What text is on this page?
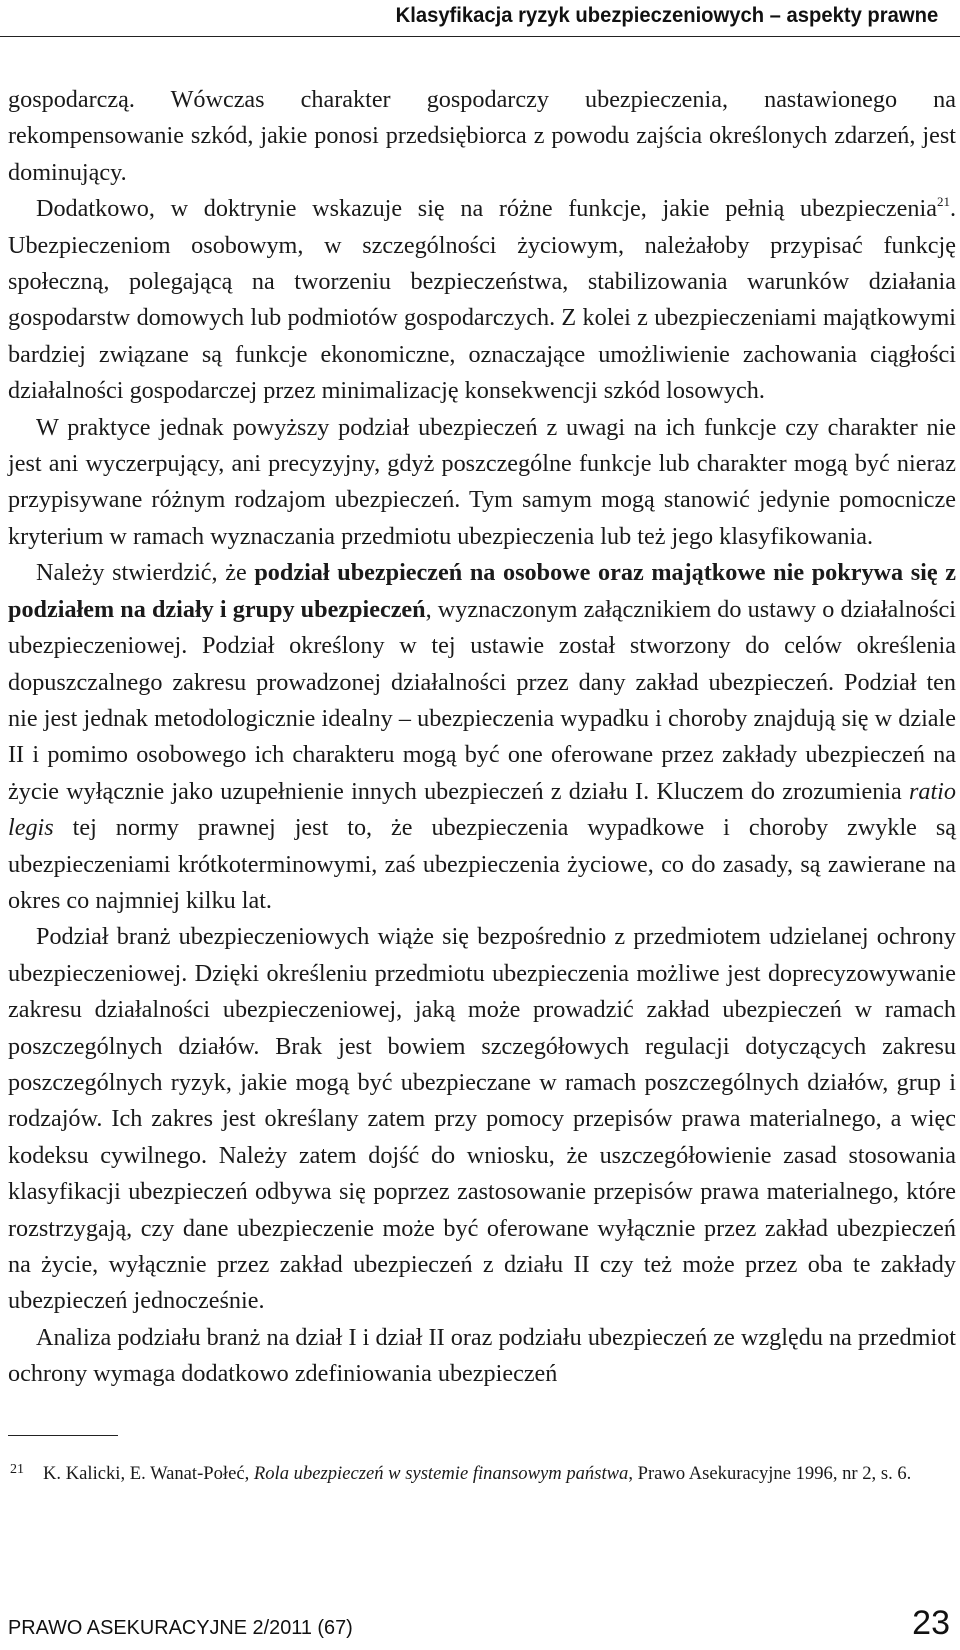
Klasyfikacja ryzyk ubezpieczeniowych – aspekty prawne

gospodarczą. Wówczas charakter gospodarczy ubezpieczenia, nastawionego na rekompensowanie szkód, jakie ponosi przedsiębiorca z powodu zajścia określonych zdarzeń, jest dominujący.

Dodatkowo, w doktrynie wskazuje się na różne funkcje, jakie pełnią ubezpieczenia$^{21}$. Ubezpieczeniom osobowym, w szczególności życiowym, należałoby przypisać funkcję społeczną, polegającą na tworzeniu bezpieczeństwa, stabilizowania warunków działania gospodarstw domowych lub podmiotów gospodarczych. Z kolei z ubezpieczeniami majątkowymi bardziej związane są funkcje ekonomiczne, oznaczające umożliwienie zachowania ciągłości działalności gospodarczej przez minimalizację konsekwencji szkód losowych.

W praktyce jednak powyższy podział ubezpieczeń z uwagi na ich funkcje czy charakter nie jest ani wyczerpujący, ani precyzyjny, gdyż poszczególne funkcje lub charakter mogą być nieraz przypisywane różnym rodzajom ubezpieczeń. Tym samym mogą stanowić jedynie pomocnicze kryterium w ramach wyznaczania przedmiotu ubezpieczenia lub też jego klasyfikowania.

Należy stwierdzić, że podział ubezpieczeń na osobowe oraz majątkowe nie pokrywa się z podziałem na działy i grupy ubezpieczeń, wyznaczonym załącznikiem do ustawy o działalności ubezpieczeniowej. Podział określony w tej ustawie został stworzony do celów określenia dopuszczalnego zakresu prowadzonej działalności przez dany zakład ubezpieczeń. Podział ten nie jest jednak metodologicznie idealny – ubezpieczenia wypadku i choroby znajdują się w dziale II i pomimo osobowego ich charakteru mogą być one oferowane przez zakłady ubezpieczeń na życie wyłącznie jako uzupełnienie innych ubezpieczeń z działu I. Kluczem do zrozumienia ratio legis tej normy prawnej jest to, że ubezpieczenia wypadkowe i choroby zwykle są ubezpieczeniami krótkoterminowymi, zaś ubezpieczenia życiowe, co do zasady, są zawierane na okres co najmniej kilku lat.

Podział branż ubezpieczeniowych wiąże się bezpośrednio z przedmiotem udzielanej ochrony ubezpieczeniowej. Dzięki określeniu przedmiotu ubezpieczenia możliwe jest doprecyzowywanie zakresu działalności ubezpieczeniowej, jaką może prowadzić zakład ubezpieczeń w ramach poszczególnych działów. Brak jest bowiem szczegółowych regulacji dotyczących zakresu poszczególnych ryzyk, jakie mogą być ubezpieczane w ramach poszczególnych działów, grup i rodzajów. Ich zakres jest określany zatem przy pomocy przepisów prawa materialnego, a więc kodeksu cywilnego. Należy zatem dojść do wniosku, że uszczegółowienie zasad stosowania klasyfikacji ubezpieczeń odbywa się poprzez zastosowanie przepisów prawa materialnego, które rozstrzygają, czy dane ubezpieczenie może być oferowane wyłącznie przez zakład ubezpieczeń na życie, wyłącznie przez zakład ubezpieczeń z działu II czy też może przez oba te zakłady ubezpieczeń jednocześnie.

Analiza podziału branż na dział I i dział II oraz podziału ubezpieczeń ze względu na przedmiot ochrony wymaga dodatkowo zdefiniowania ubezpieczeń

21	K. Kalicki, E. Wanat-Połeć, Rola ubezpieczeń w systemie finansowym państwa, Prawo Asekuracyjne 1996, nr 2, s. 6.
PRAWO ASEKURACYJNE 2/2011 (67)	23
